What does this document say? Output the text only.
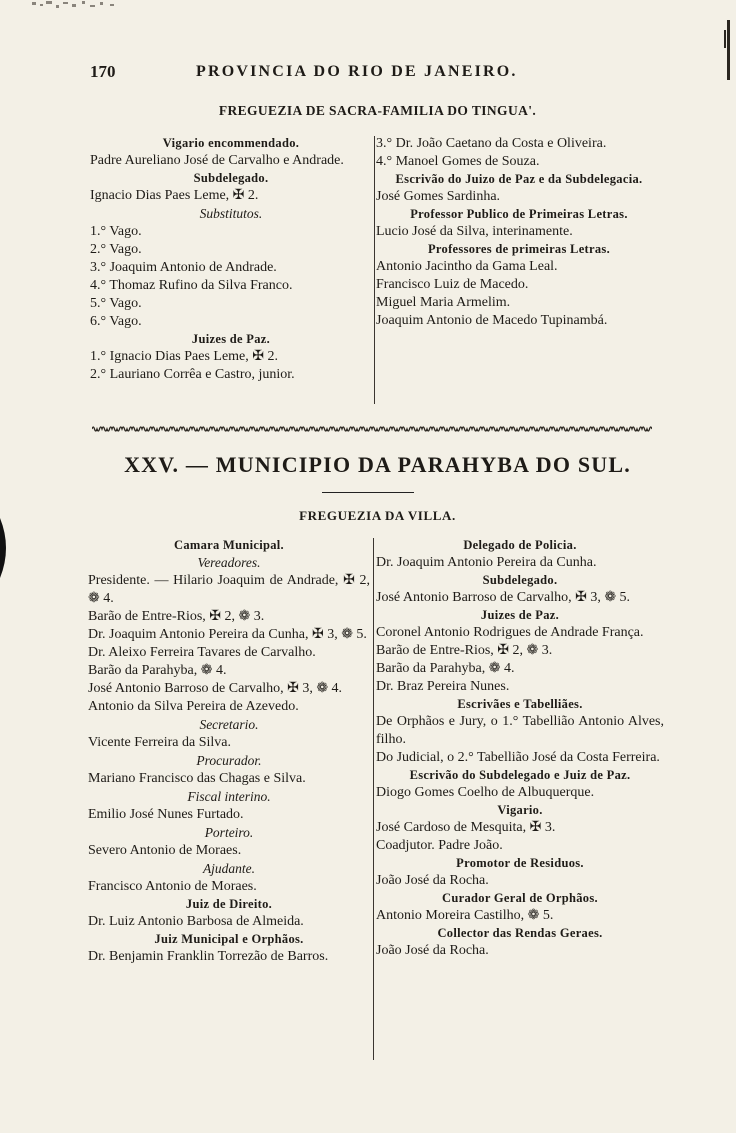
170	PROVINCIA DO RIO DE JANEIRO.
FREGUEZIA DE SACRA-FAMILIA DO TINGUA'.
Vigario encommendado.
Padre Aureliano José de Carvalho e Andrade.
Subdelegado.
Ignacio Dias Paes Leme, ✠ 2.
Substitutos.
1.° Vago.
2.° Vago.
3.° Joaquim Antonio de Andrade.
4.° Thomaz Rufino da Silva Franco.
5.° Vago.
6.° Vago.
Juizes de Paz.
1.° Ignacio Dias Paes Leme, ✠ 2.
2.° Lauriano Corrêa e Castro, junior.
3.° Dr. João Caetano da Costa e Oliveira.
4.° Manoel Gomes de Souza.
Escrivão do Juizo de Paz e da Subdelegacia.
José Gomes Sardinha.
Professor Publico de Primeiras Letras.
Lucio José da Silva, interinamente.
Professores de primeiras Letras.
Antonio Jacintho da Gama Leal.
Francisco Luiz de Macedo.
Miguel Maria Armelim.
Joaquim Antonio de Macedo Tupinambá.
XXV. — MUNICIPIO DA PARAHYBA DO SUL.
FREGUEZIA DA VILLA.
Camara Municipal.
Vereadores.
Presidente. — Hilario Joaquim de Andrade, ✠ 2, ❁ 4.
Barão de Entre-Rios, ✠ 2, ❁ 3.
Dr. Joaquim Antonio Pereira da Cunha, ✠ 3, ❁ 5.
Dr. Aleixo Ferreira Tavares de Carvalho.
Barão da Parahyba, ❁ 4.
José Antonio Barroso de Carvalho, ✠ 3, ❁ 4.
Antonio da Silva Pereira de Azevedo.
Secretario.
Vicente Ferreira da Silva.
Procurador.
Mariano Francisco das Chagas e Silva.
Fiscal interino.
Emilio José Nunes Furtado.
Porteiro.
Severo Antonio de Moraes.
Ajudante.
Francisco Antonio de Moraes.
Juiz de Direito.
Dr. Luiz Antonio Barbosa de Almeida.
Juiz Municipal e Orphãos.
Dr. Benjamin Franklin Torrezão de Barros.
Delegado de Policia.
Dr. Joaquim Antonio Pereira da Cunha.
Subdelegado.
José Antonio Barroso de Carvalho, ✠ 3, ❁ 5.
Juizes de Paz.
Coronel Antonio Rodrigues de Andrade França.
Barão de Entre-Rios, ✠ 2, ❁ 3.
Barão da Parahyba, ❁ 4.
Dr. Braz Pereira Nunes.
Escrivães e Tabelliães.
De Orphãos e Jury, o 1.° Tabellião Antonio Alves, filho.
Do Judicial, o 2.° Tabellião José da Costa Ferreira.
Escrivão do Subdelegado e Juiz de Paz.
Diogo Gomes Coelho de Albuquerque.
Vigario.
José Cardoso de Mesquita, ✠ 3.
Coadjutor. Padre João.
Promotor de Residuos.
João José da Rocha.
Curador Geral de Orphãos.
Antonio Moreira Castilho, ❁ 5.
Collector das Rendas Geraes.
João José da Rocha.
